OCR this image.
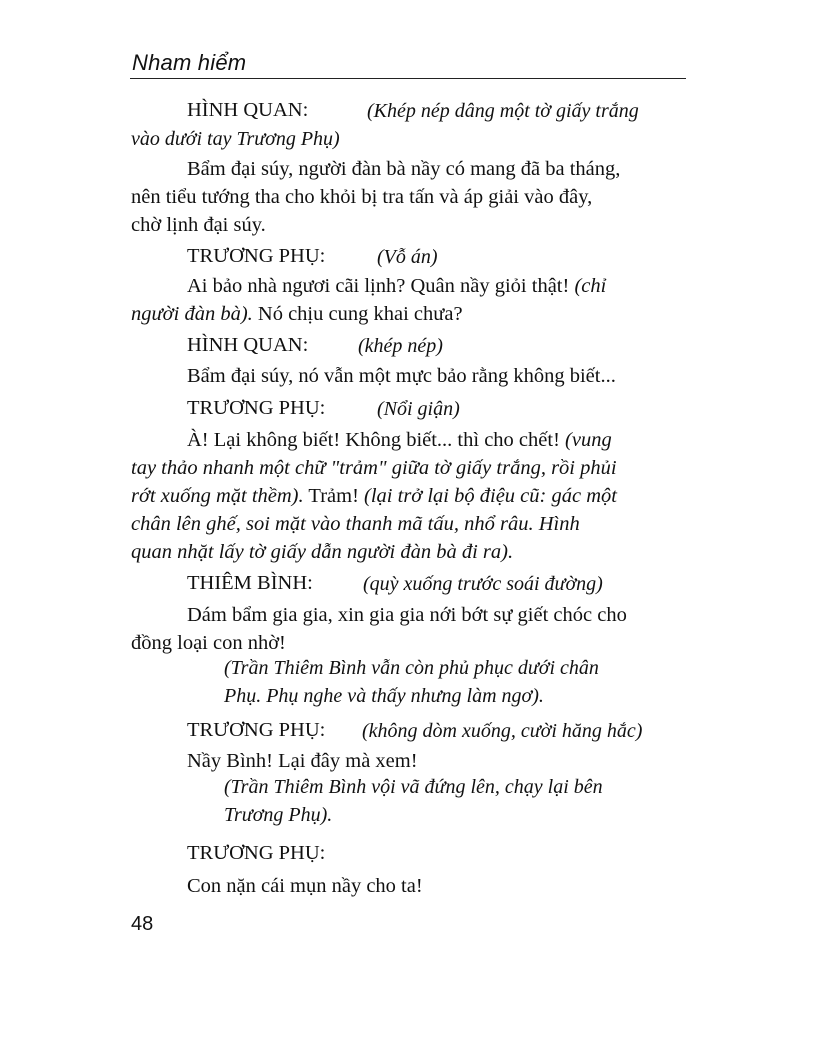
Nham hiểm
HÌNH QUAN:	(Khép nép dâng một tờ giấy trắng
vào dưới tay Trương Phụ)
Bẩm đại súy, người đàn bà nầy có mang đã ba tháng,
nên tiểu tướng tha cho khỏi bị tra tấn và áp giải vào đây,
chờ lịnh đại súy.
TRƯƠNG PHỤ:	(Vỗ án)
Ai bảo nhà ngươi cãi lịnh? Quân nầy giỏi thật! (chỉ
người đàn bà). Nó chịu cung khai chưa?
HÌNH QUAN: (khép nép)
Bẩm đại súy, nó vẫn một mực bảo rằng không biết...
TRƯƠNG PHỤ:	(Nổi giận)
À! Lại không biết! Không biết... thì cho chết! (vung
tay thảo nhanh một chữ "trảm" giữa tờ giấy trắng, rồi phủi
rớt xuống mặt thềm). Trảm! (lại trở lại bộ điệu cũ: gác một
chân lên ghế, soi mặt vào thanh mã tấu, nhổ râu. Hình
quan nhặt lấy tờ giấy dẫn người đàn bà đi ra).
THIÊM BÌNH:	(quỳ xuống trước soái đường)
Dám bẩm gia gia, xin gia gia nới bớt sự giết chóc cho
đồng loại con nhờ!
(Trần Thiêm Bình vẫn còn phủ phục dưới chân
Phụ. Phụ nghe và thấy nhưng làm ngơ).
TRƯƠNG PHỤ: (không dòm xuống, cười hăng hắc)
Nầy Bình! Lại đây mà xem!
(Trần Thiêm Bình vội vã đứng lên, chạy lại bên
Trương Phụ).
TRƯƠNG PHỤ:
Con nặn cái mụn nầy cho ta!
48
